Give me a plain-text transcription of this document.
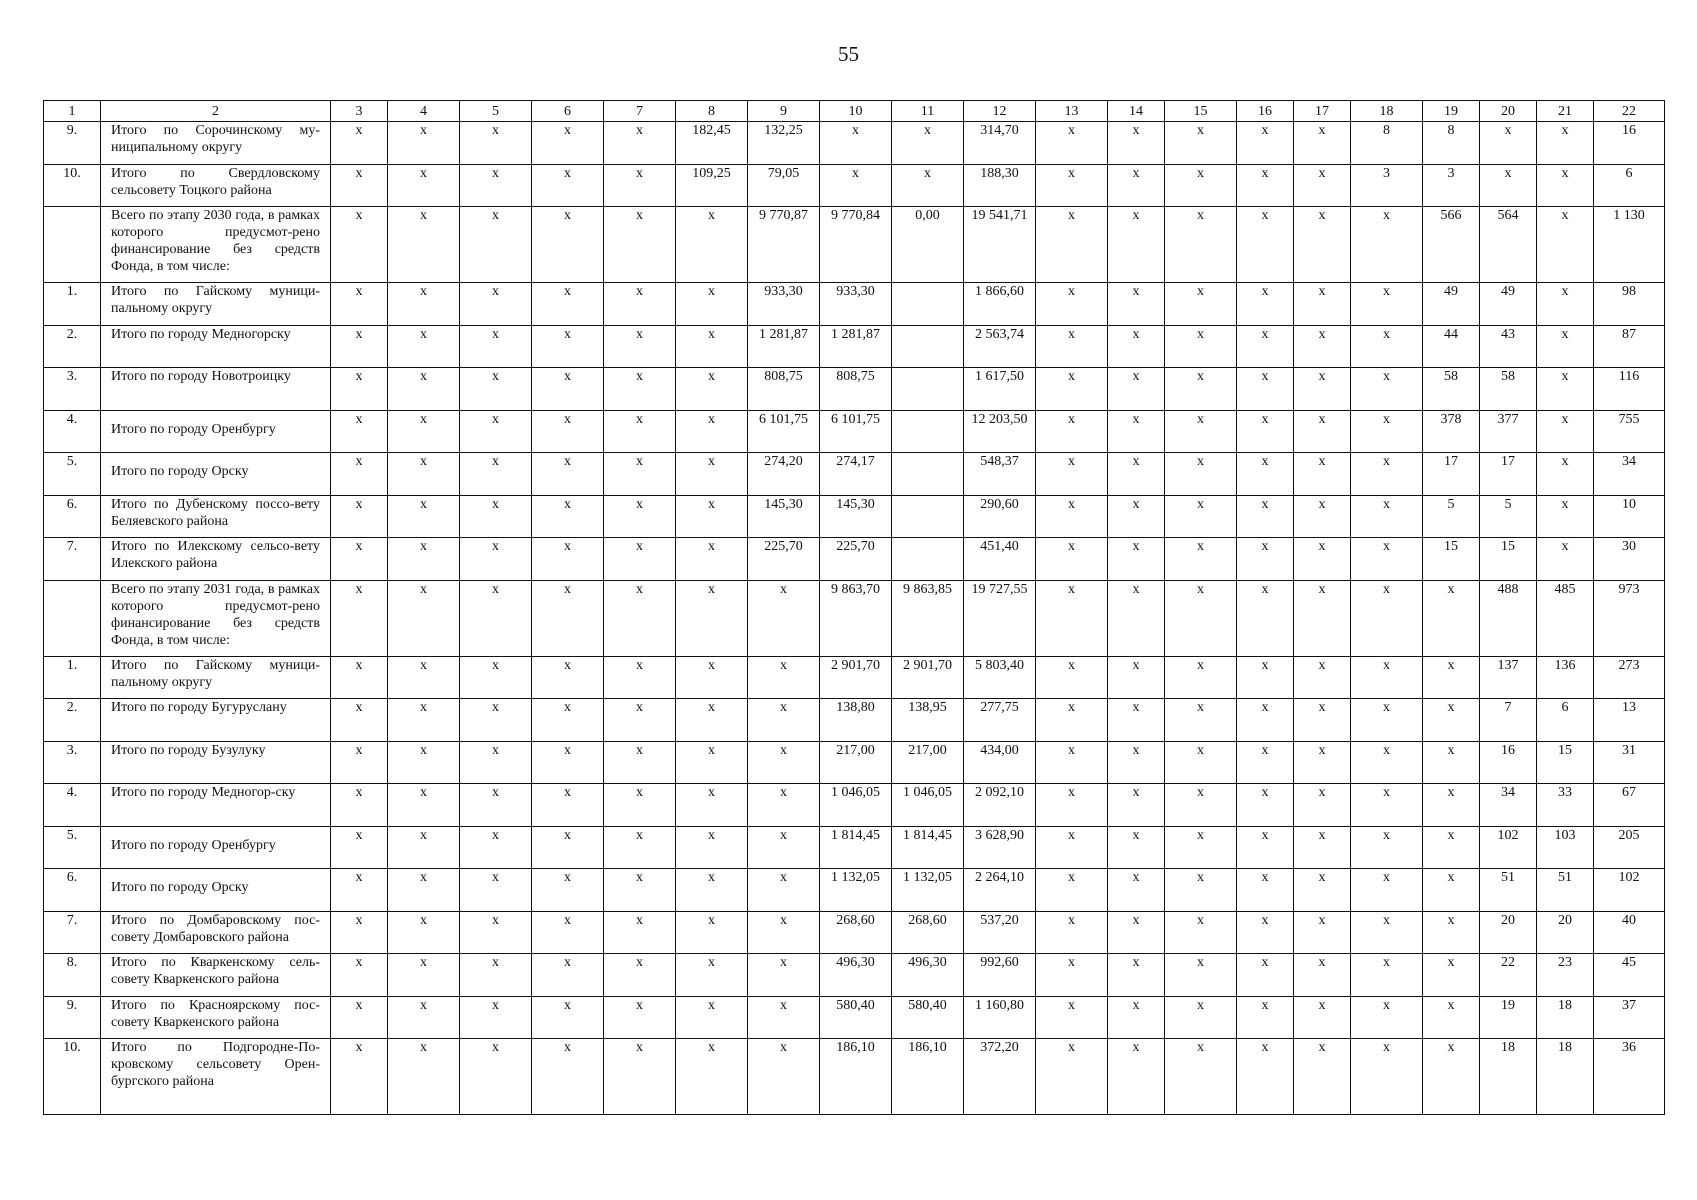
55
1	2	3	4	5	6	7	8	9	10	11	12	13	14	15	16	17	18	19	20	21	22
9.	Итого по Сорочинскому му-ниципальному округу	x	x	x	x	x	182,45	132,25	x	x	314,70	x	x	x	x	x	8	8	x	x	16
10.	Итого по Свердловскому сельсовету Тоцкого района	x	x	x	x	x	109,25	79,05	x	x	188,30	x	x	x	x	x	3	3	x	x	6
	Всего по этапу 2030 года, в рамках которого предусмот-рено финансирование без средств Фонда, в том числе:	x	x	x	x	x	x	9 770,87	9 770,84	0,00	19 541,71	x	x	x	x	x	x	566	564	x	1 130
1.	Итого по Гайскому муници-пальному округу	x	x	x	x	x	x	933,30	933,30		1 866,60	x	x	x	x	x	x	49	49	x	98
2.	Итого по городу Медногорску	x	x	x	x	x	x	1 281,87	1 281,87		2 563,74	x	x	x	x	x	x	44	43	x	87
3.	Итого по городу Новотроицку	x	x	x	x	x	x	808,75	808,75		1 617,50	x	x	x	x	x	x	58	58	x	116
4.	Итого по городу Оренбургу	x	x	x	x	x	x	6 101,75	6 101,75		12 203,50	x	x	x	x	x	x	378	377	x	755
5.	Итого по городу Орску	x	x	x	x	x	x	274,20	274,17		548,37	x	x	x	x	x	x	17	17	x	34
6.	Итого по Дубенскому поссо-вету Беляевского района	x	x	x	x	x	x	145,30	145,30		290,60	x	x	x	x	x	x	5	5	x	10
7.	Итого по Илекскому сельсо-вету Илекского района	x	x	x	x	x	x	225,70	225,70		451,40	x	x	x	x	x	x	15	15	x	30
	Всего по этапу 2031 года, в рамках которого предусмот-рено финансирование без средств Фонда, в том числе:	x	x	x	x	x	x	x	9 863,70	9 863,85	19 727,55	x	x	x	x	x	x	x	488	485	973
1.	Итого по Гайскому муници-пальному округу	x	x	x	x	x	x	x	2 901,70	2 901,70	5 803,40	x	x	x	x	x	x	x	137	136	273
2.	Итого по городу Бугуруслану	x	x	x	x	x	x	x	138,80	138,95	277,75	x	x	x	x	x	x	x	7	6	13
3.	Итого по городу Бузулуку	x	x	x	x	x	x	x	217,00	217,00	434,00	x	x	x	x	x	x	x	16	15	31
4.	Итого по городу Медногор-ску	x	x	x	x	x	x	x	1 046,05	1 046,05	2 092,10	x	x	x	x	x	x	x	34	33	67
5.	Итого по городу Оренбургу	x	x	x	x	x	x	x	1 814,45	1 814,45	3 628,90	x	x	x	x	x	x	x	102	103	205
6.	Итого по городу Орску	x	x	x	x	x	x	x	1 132,05	1 132,05	2 264,10	x	x	x	x	x	x	x	51	51	102
7.	Итого по Домбаровскому пос-совету Домбаровского района	x	x	x	x	x	x	x	268,60	268,60	537,20	x	x	x	x	x	x	x	20	20	40
8.	Итого по Кваркенскому сель-совету Кваркенского района	x	x	x	x	x	x	x	496,30	496,30	992,60	x	x	x	x	x	x	x	22	23	45
9.	Итого по Красноярскому пос-совету Кваркенского района	x	x	x	x	x	x	x	580,40	580,40	1 160,80	x	x	x	x	x	x	x	19	18	37
10.	Итого по Подгородне-По-кровскому сельсовету Орен-бургского района	x	x	x	x	x	x	x	186,10	186,10	372,20	x	x	x	x	x	x	x	18	18	36
